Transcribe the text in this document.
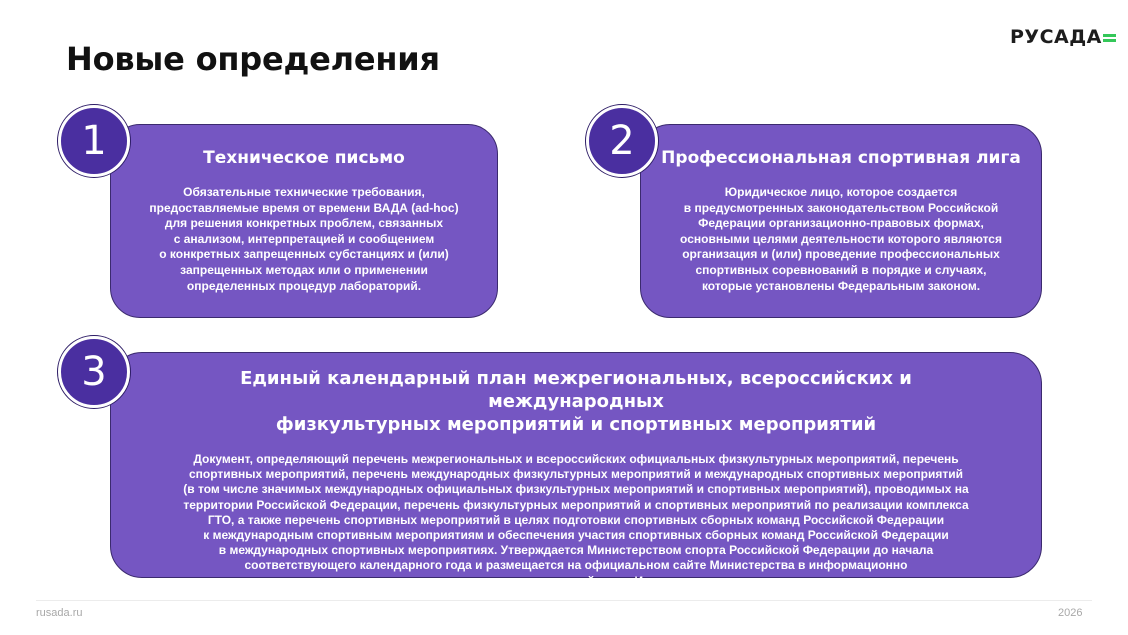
Новые определения
РУСАДА
Техническое письмо
Обязательные технические требования,
предоставляемые время от времени ВАДА (ad-hoc)
для решения конкретных проблем, связанных
с анализом, интерпретацией и сообщением
о конкретных запрещенных субстанциях и (или)
запрещенных методах или о применении
определенных процедур лабораторий.
1	Профессиональная спортивная лига
Юридическое лицо, которое создается
в предусмотренных законодательством Российской
Федерации организационно-правовых формах,
основными целями деятельности которого являются
организация и (или) проведение профессиональных
спортивных соревнований в порядке и случаях,
которые установлены Федеральным законом.
2
Единый календарный план межрегиональных, всероссийских и международных
физкультурных мероприятий и спортивных мероприятий
Документ, определяющий перечень межрегиональных и всероссийских официальных физкультурных мероприятий, перечень
спортивных мероприятий, перечень международных физкультурных мероприятий и международных спортивных мероприятий
(в том числе значимых международных официальных физкультурных мероприятий и спортивных мероприятий), проводимых на
территории Российской Федерации, перечень физкультурных мероприятий и спортивных мероприятий по реализации комплекса
ГТО, а также перечень спортивных мероприятий в целях подготовки спортивных сборных команд Российской Федерации
к международным спортивным мероприятиям и обеспечения участия спортивных сборных команд Российской Федерации
в международных спортивных мероприятиях. Утверждается Министерством спорта Российской Федерации до начала
соответствующего календарного года и размещается на официальном сайте Министерства в информационно
телекоммуникационной сети «Интернет».
3
rusada.ru	2026
